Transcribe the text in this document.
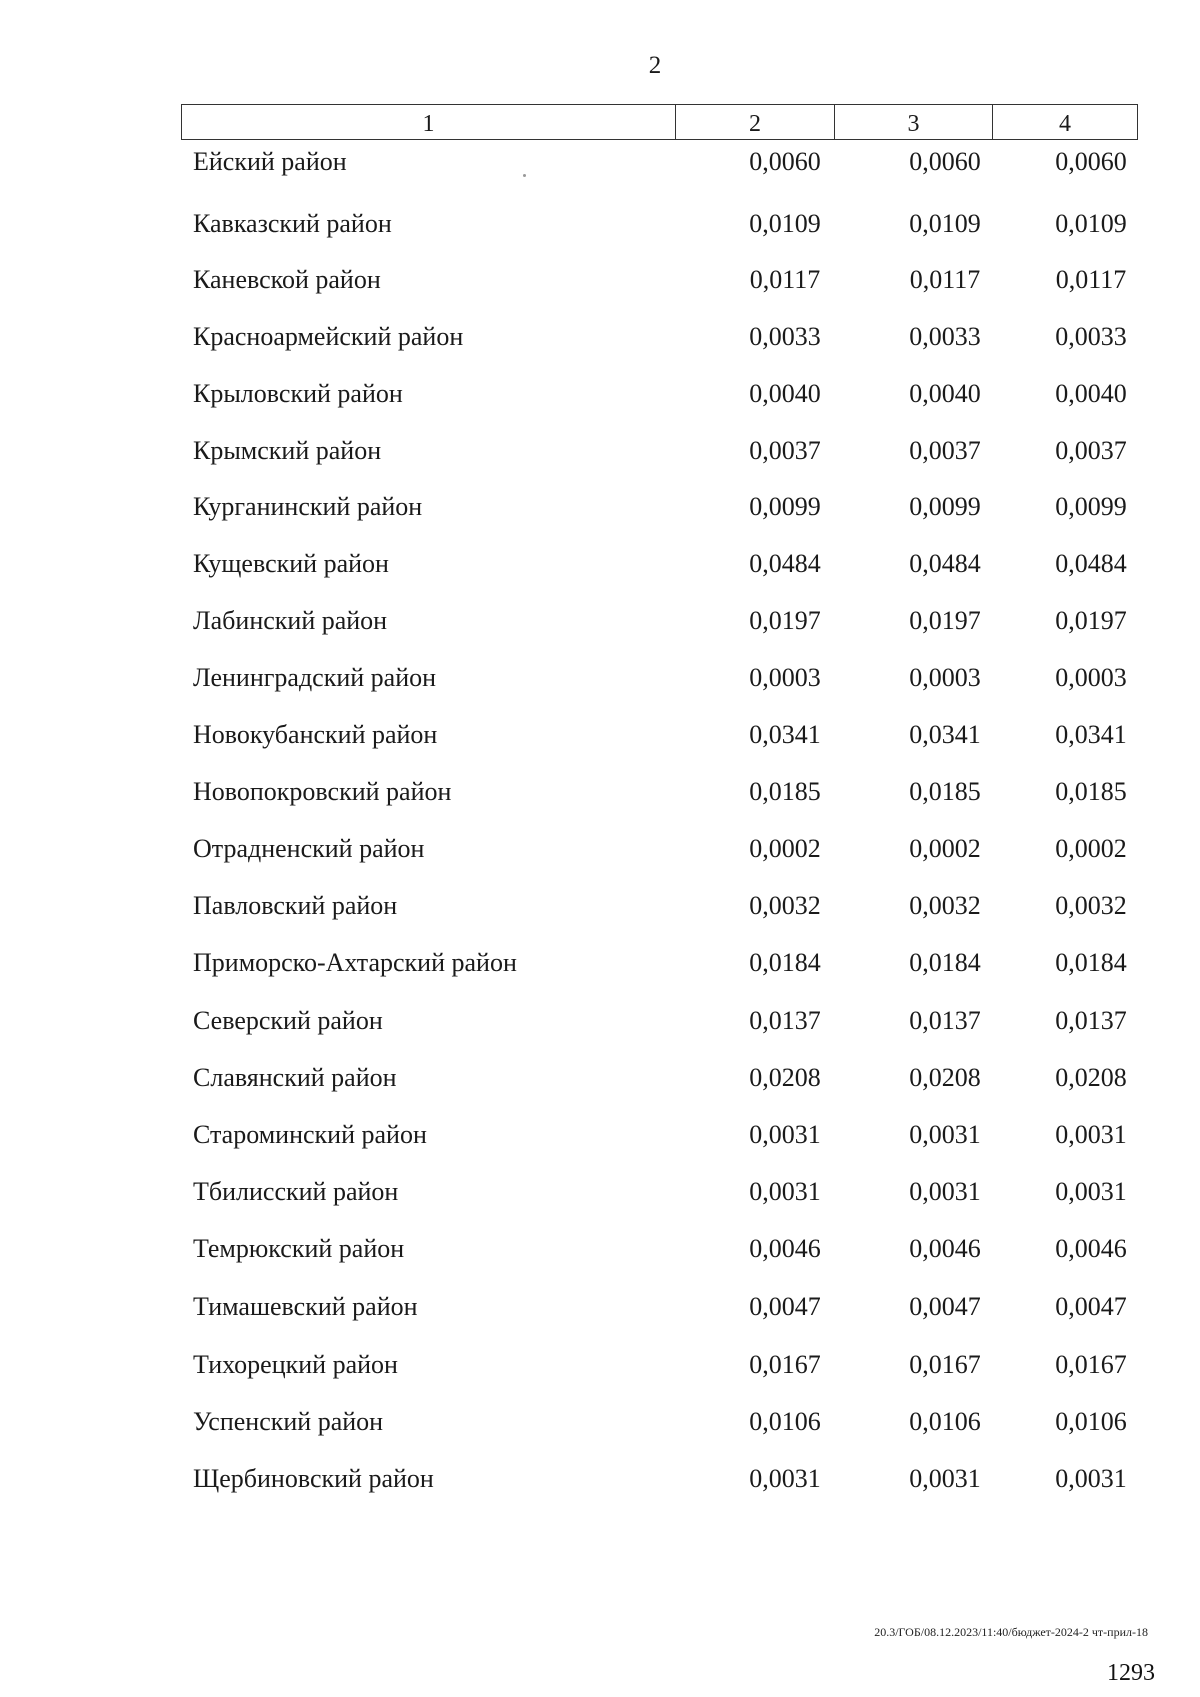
2
1	2	3	4
Ейский район	0,0060	0,0060	0,0060
Кавказский район	0,0109	0,0109	0,0109
Каневской район	0,0117	0,0117	0,0117
Красноармейский район	0,0033	0,0033	0,0033
Крыловский район	0,0040	0,0040	0,0040
Крымский район	0,0037	0,0037	0,0037
Курганинский район	0,0099	0,0099	0,0099
Кущевский район	0,0484	0,0484	0,0484
Лабинский район	0,0197	0,0197	0,0197
Ленинградский район	0,0003	0,0003	0,0003
Новокубанский район	0,0341	0,0341	0,0341
Новопокровский район	0,0185	0,0185	0,0185
Отрадненский район	0,0002	0,0002	0,0002
Павловский район	0,0032	0,0032	0,0032
Приморско-Ахтарский район	0,0184	0,0184	0,0184
Северский район	0,0137	0,0137	0,0137
Славянский район	0,0208	0,0208	0,0208
Староминский район	0,0031	0,0031	0,0031
Тбилисский район	0,0031	0,0031	0,0031
Темрюкский район	0,0046	0,0046	0,0046
Тимашевский район	0,0047	0,0047	0,0047
Тихорецкий район	0,0167	0,0167	0,0167
Успенский район	0,0106	0,0106	0,0106
Щербиновский район	0,0031	0,0031	0,0031
20.3/ГОБ/08.12.2023/11:40/бюджет-2024-2 чт-прил-18
1293
